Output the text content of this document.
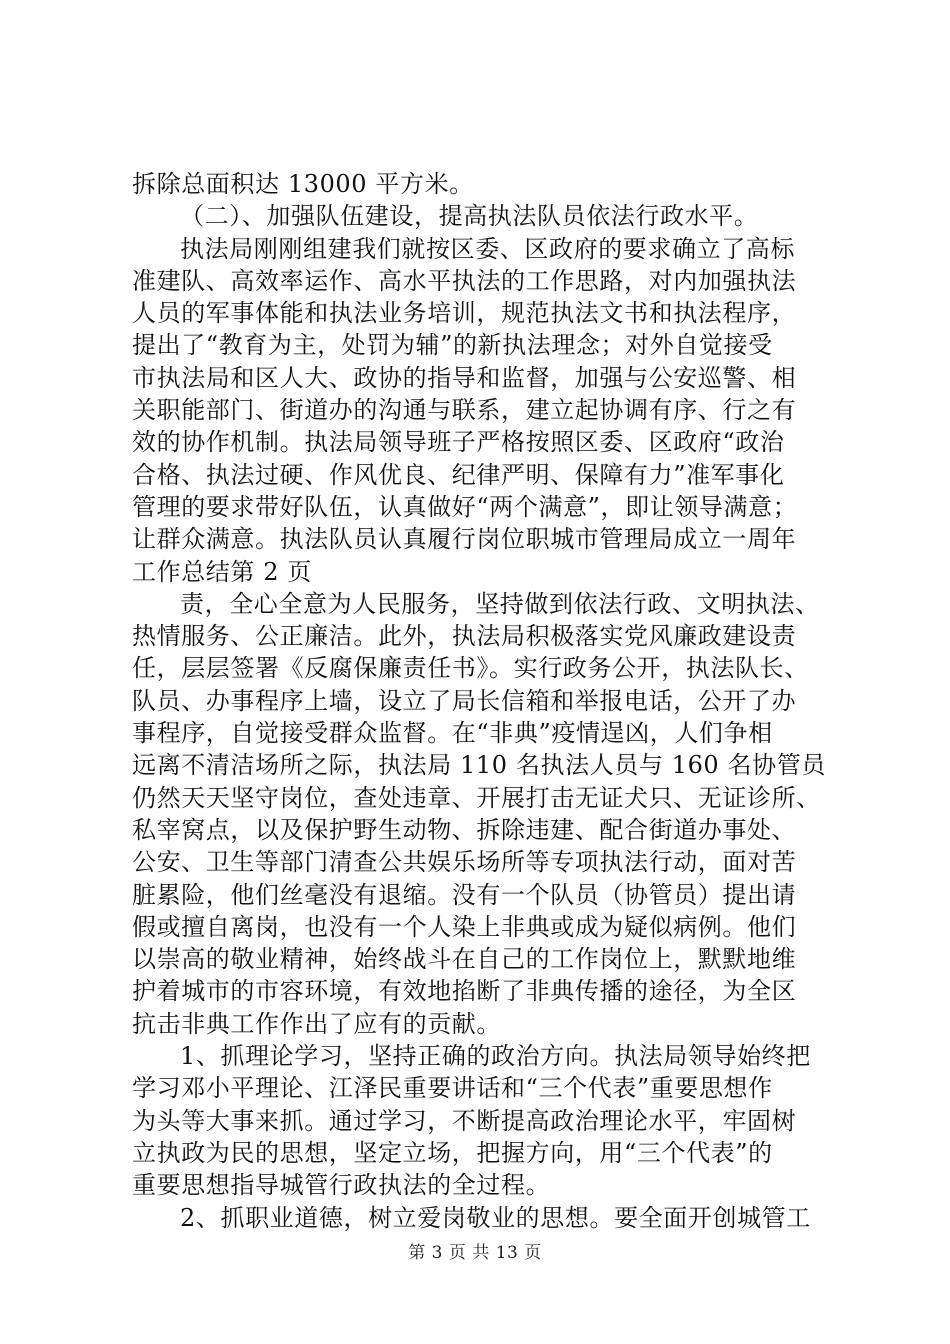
拆除总面积达 13000 平方米。
（二）、加强队伍建设，提高执法队员依法行政水平。
执法局刚刚组建我们就按区委、区政府的要求确立了高标
准建队、高效率运作、高水平执法的工作思路，对内加强执法
人员的军事体能和执法业务培训，规范执法文书和执法程序，
提出了“教育为主，处罚为辅”的新执法理念；对外自觉接受
市执法局和区人大、政协的指导和监督，加强与公安巡警、相
关职能部门、街道办的沟通与联系，建立起协调有序、行之有
效的协作机制。执法局领导班子严格按照区委、区政府“政治
合格、执法过硬、作风优良、纪律严明、保障有力”准军事化
管理的要求带好队伍，认真做好“两个满意”，即让领导满意；
让群众满意。执法队员认真履行岗位职城市管理局成立一周年
工作总结第 2 页
责，全心全意为人民服务，坚持做到依法行政、文明执法、
热情服务、公正廉洁。此外，执法局积极落实党风廉政建设责
任，层层签署《反腐保廉责任书》。实行政务公开，执法队长、
队员、办事程序上墙，设立了局长信箱和举报电话，公开了办
事程序，自觉接受群众监督。在“非典”疫情逞凶，人们争相
远离不清洁场所之际，执法局 110 名执法人员与 160 名协管员
仍然天天坚守岗位，查处违章、开展打击无证犬只、无证诊所、
私宰窝点，以及保护野生动物、拆除违建、配合街道办事处、
公安、卫生等部门清查公共娱乐场所等专项执法行动，面对苦
脏累险，他们丝毫没有退缩。没有一个队员（协管员）提出请
假或擅自离岗，也没有一个人染上非典或成为疑似病例。他们
以崇高的敬业精神，始终战斗在自己的工作岗位上，默默地维
护着城市的市容环境，有效地掐断了非典传播的途径，为全区
抗击非典工作作出了应有的贡献。
1、抓理论学习，坚持正确的政治方向。执法局领导始终把
学习邓小平理论、江泽民重要讲话和“三个代表”重要思想作
为头等大事来抓。通过学习，不断提高政治理论水平，牢固树
立执政为民的思想，坚定立场，把握方向，用“三个代表”的
重要思想指导城管行政执法的全过程。
2、抓职业道德，树立爱岗敬业的思想。要全面开创城管工
第 3 页 共 13 页
